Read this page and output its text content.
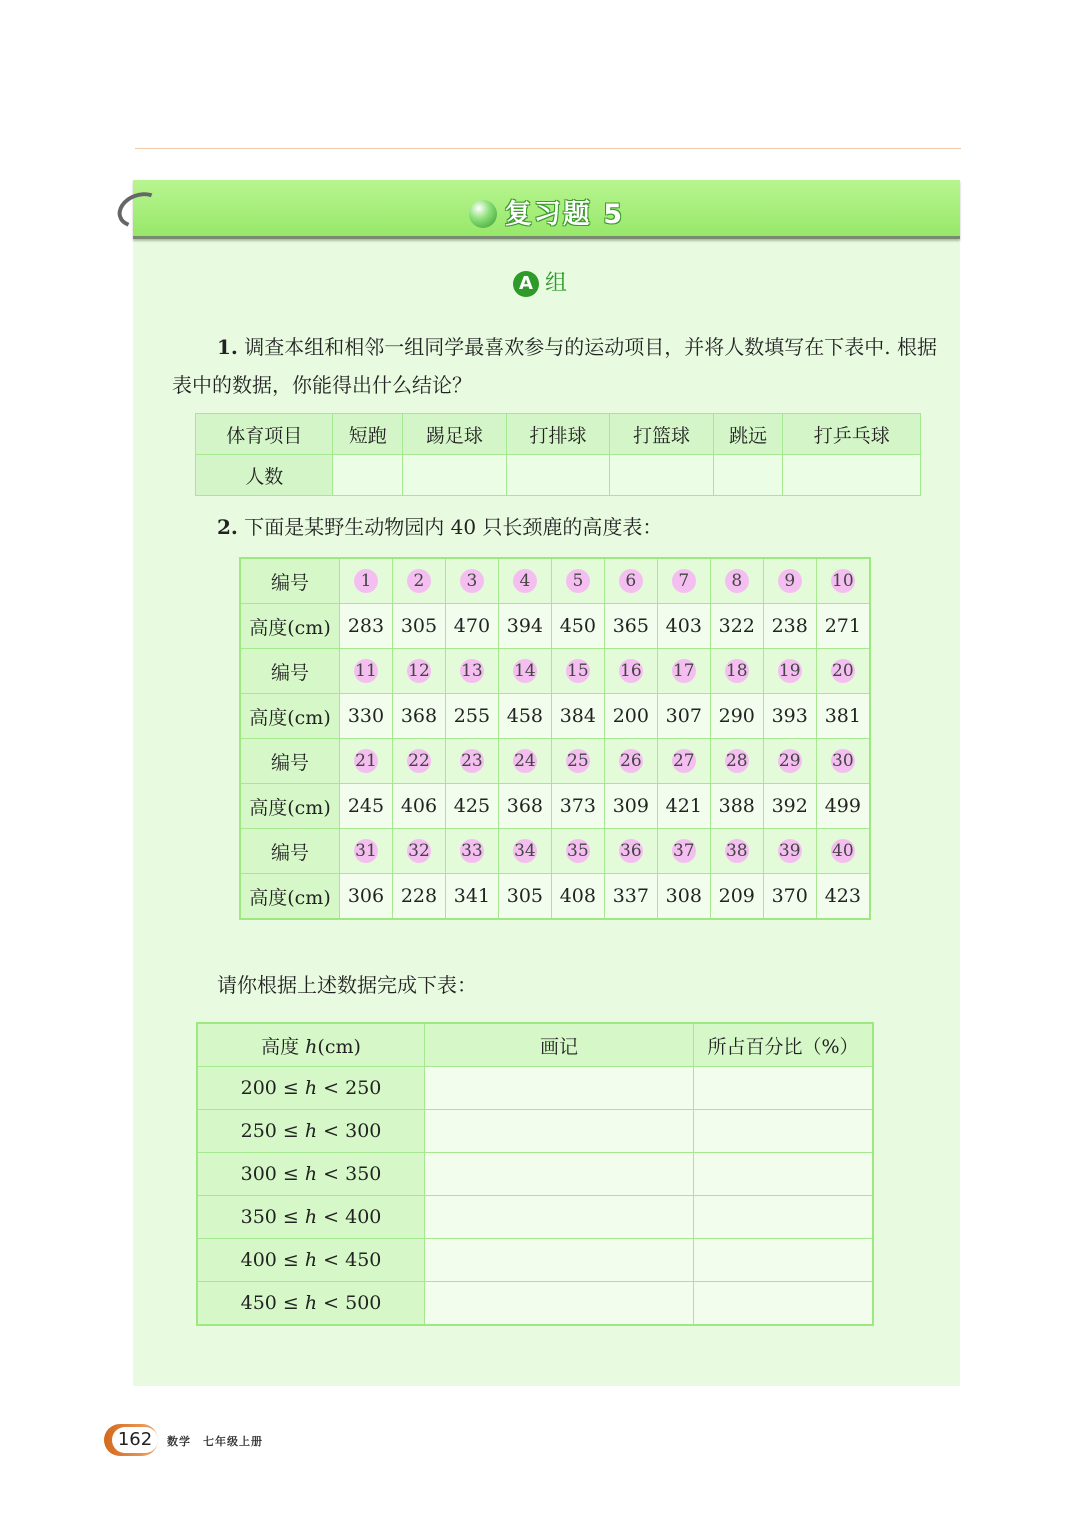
复习题 5
A 组
1. 调查本组和相邻一组同学最喜欢参与的运动项目，并将人数填写在下表中. 根据表中的数据，你能得出什么结论？
体育项目	短跑	踢足球	打排球	打篮球	跳远	打乒乓球
人数						
2. 下面是某野生动物园内 40 只长颈鹿的高度表：
编号	1	2	3	4	5	6	7	8	9	10
高度(cm)	283	305	470	394	450	365	403	322	238	271
编号	11	12	13	14	15	16	17	18	19	20
高度(cm)	330	368	255	458	384	200	307	290	393	381
编号	21	22	23	24	25	26	27	28	29	30
高度(cm)	245	406	425	368	373	309	421	388	392	499
编号	31	32	33	34	35	36	37	38	39	40
高度(cm)	306	228	341	305	408	337	308	209	370	423
请你根据上述数据完成下表：
高度 h(cm)	画记	所占百分比（%）
200 ≤ h < 250		
250 ≤ h < 300		
300 ≤ h < 350		
350 ≤ h < 400		
400 ≤ h < 450		
450 ≤ h < 500		
162	数学　七年级上册
